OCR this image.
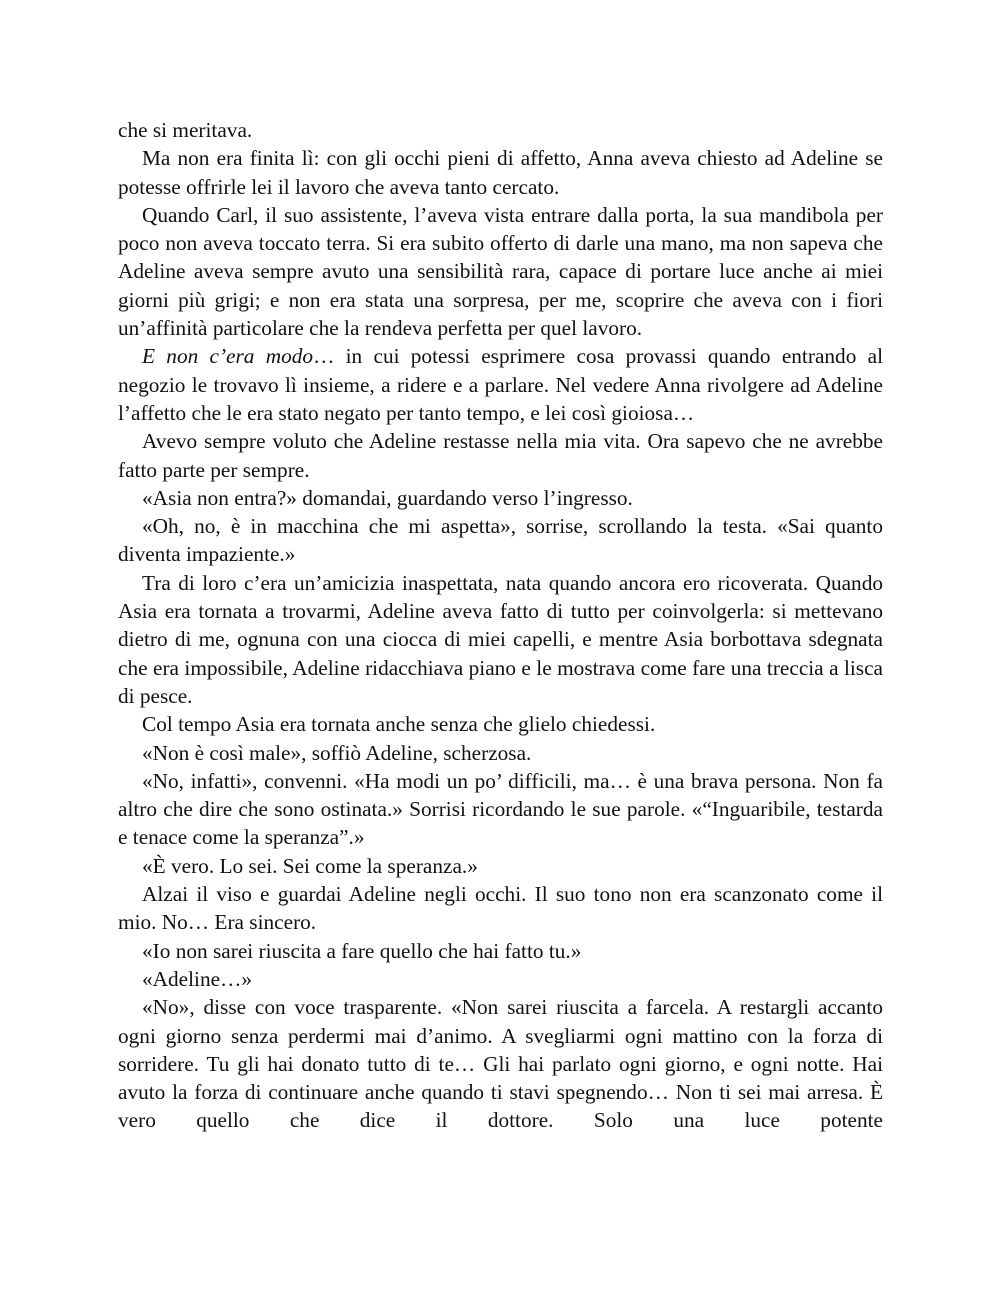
che si meritava.

Ma non era finita lì: con gli occhi pieni di affetto, Anna aveva chiesto ad Adeline se potesse offrirle lei il lavoro che aveva tanto cercato.

Quando Carl, il suo assistente, l’aveva vista entrare dalla porta, la sua mandibola per poco non aveva toccato terra. Si era subito offerto di darle una mano, ma non sapeva che Adeline aveva sempre avuto una sensibilità rara, capace di portare luce anche ai miei giorni più grigi; e non era stata una sorpresa, per me, scoprire che aveva con i fiori un’affinità particolare che la rendeva perfetta per quel lavoro.

E non c’era modo… in cui potessi esprimere cosa provassi quando entrando al negozio le trovavo lì insieme, a ridere e a parlare. Nel vedere Anna rivolgere ad Adeline l’affetto che le era stato negato per tanto tempo, e lei così gioiosa…

Avevo sempre voluto che Adeline restasse nella mia vita. Ora sapevo che ne avrebbe fatto parte per sempre.

«Asia non entra?» domandai, guardando verso l’ingresso.

«Oh, no, è in macchina che mi aspetta», sorrise, scrollando la testa. «Sai quanto diventa impaziente.»

Tra di loro c’era un’amicizia inaspettata, nata quando ancora ero ricoverata. Quando Asia era tornata a trovarmi, Adeline aveva fatto di tutto per coinvolgerla: si mettevano dietro di me, ognuna con una ciocca di miei capelli, e mentre Asia borbottava sdegnata che era impossibile, Adeline ridacchiava piano e le mostrava come fare una treccia a lisca di pesce.

Col tempo Asia era tornata anche senza che glielo chiedessi.

«Non è così male», soffiò Adeline, scherzosa.

«No, infatti», convenni. «Ha modi un po’ difficili, ma… è una brava persona. Non fa altro che dire che sono ostinata.» Sorrisi ricordando le sue parole. «“Inguaribile, testarda e tenace come la speranza”.»

«È vero. Lo sei. Sei come la speranza.»

Alzai il viso e guardai Adeline negli occhi. Il suo tono non era scanzonato come il mio. No… Era sincero.

«Io non sarei riuscita a fare quello che hai fatto tu.»

«Adeline…»

«No», disse con voce trasparente. «Non sarei riuscita a farcela. A restargli accanto ogni giorno senza perdermi mai d’animo. A svegliarmi ogni mattino con la forza di sorridere. Tu gli hai donato tutto di te… Gli hai parlato ogni giorno, e ogni notte. Hai avuto la forza di continuare anche quando ti stavi spegnendo… Non ti sei mai arresa. È vero quello che dice il dottore. Solo una luce potente
